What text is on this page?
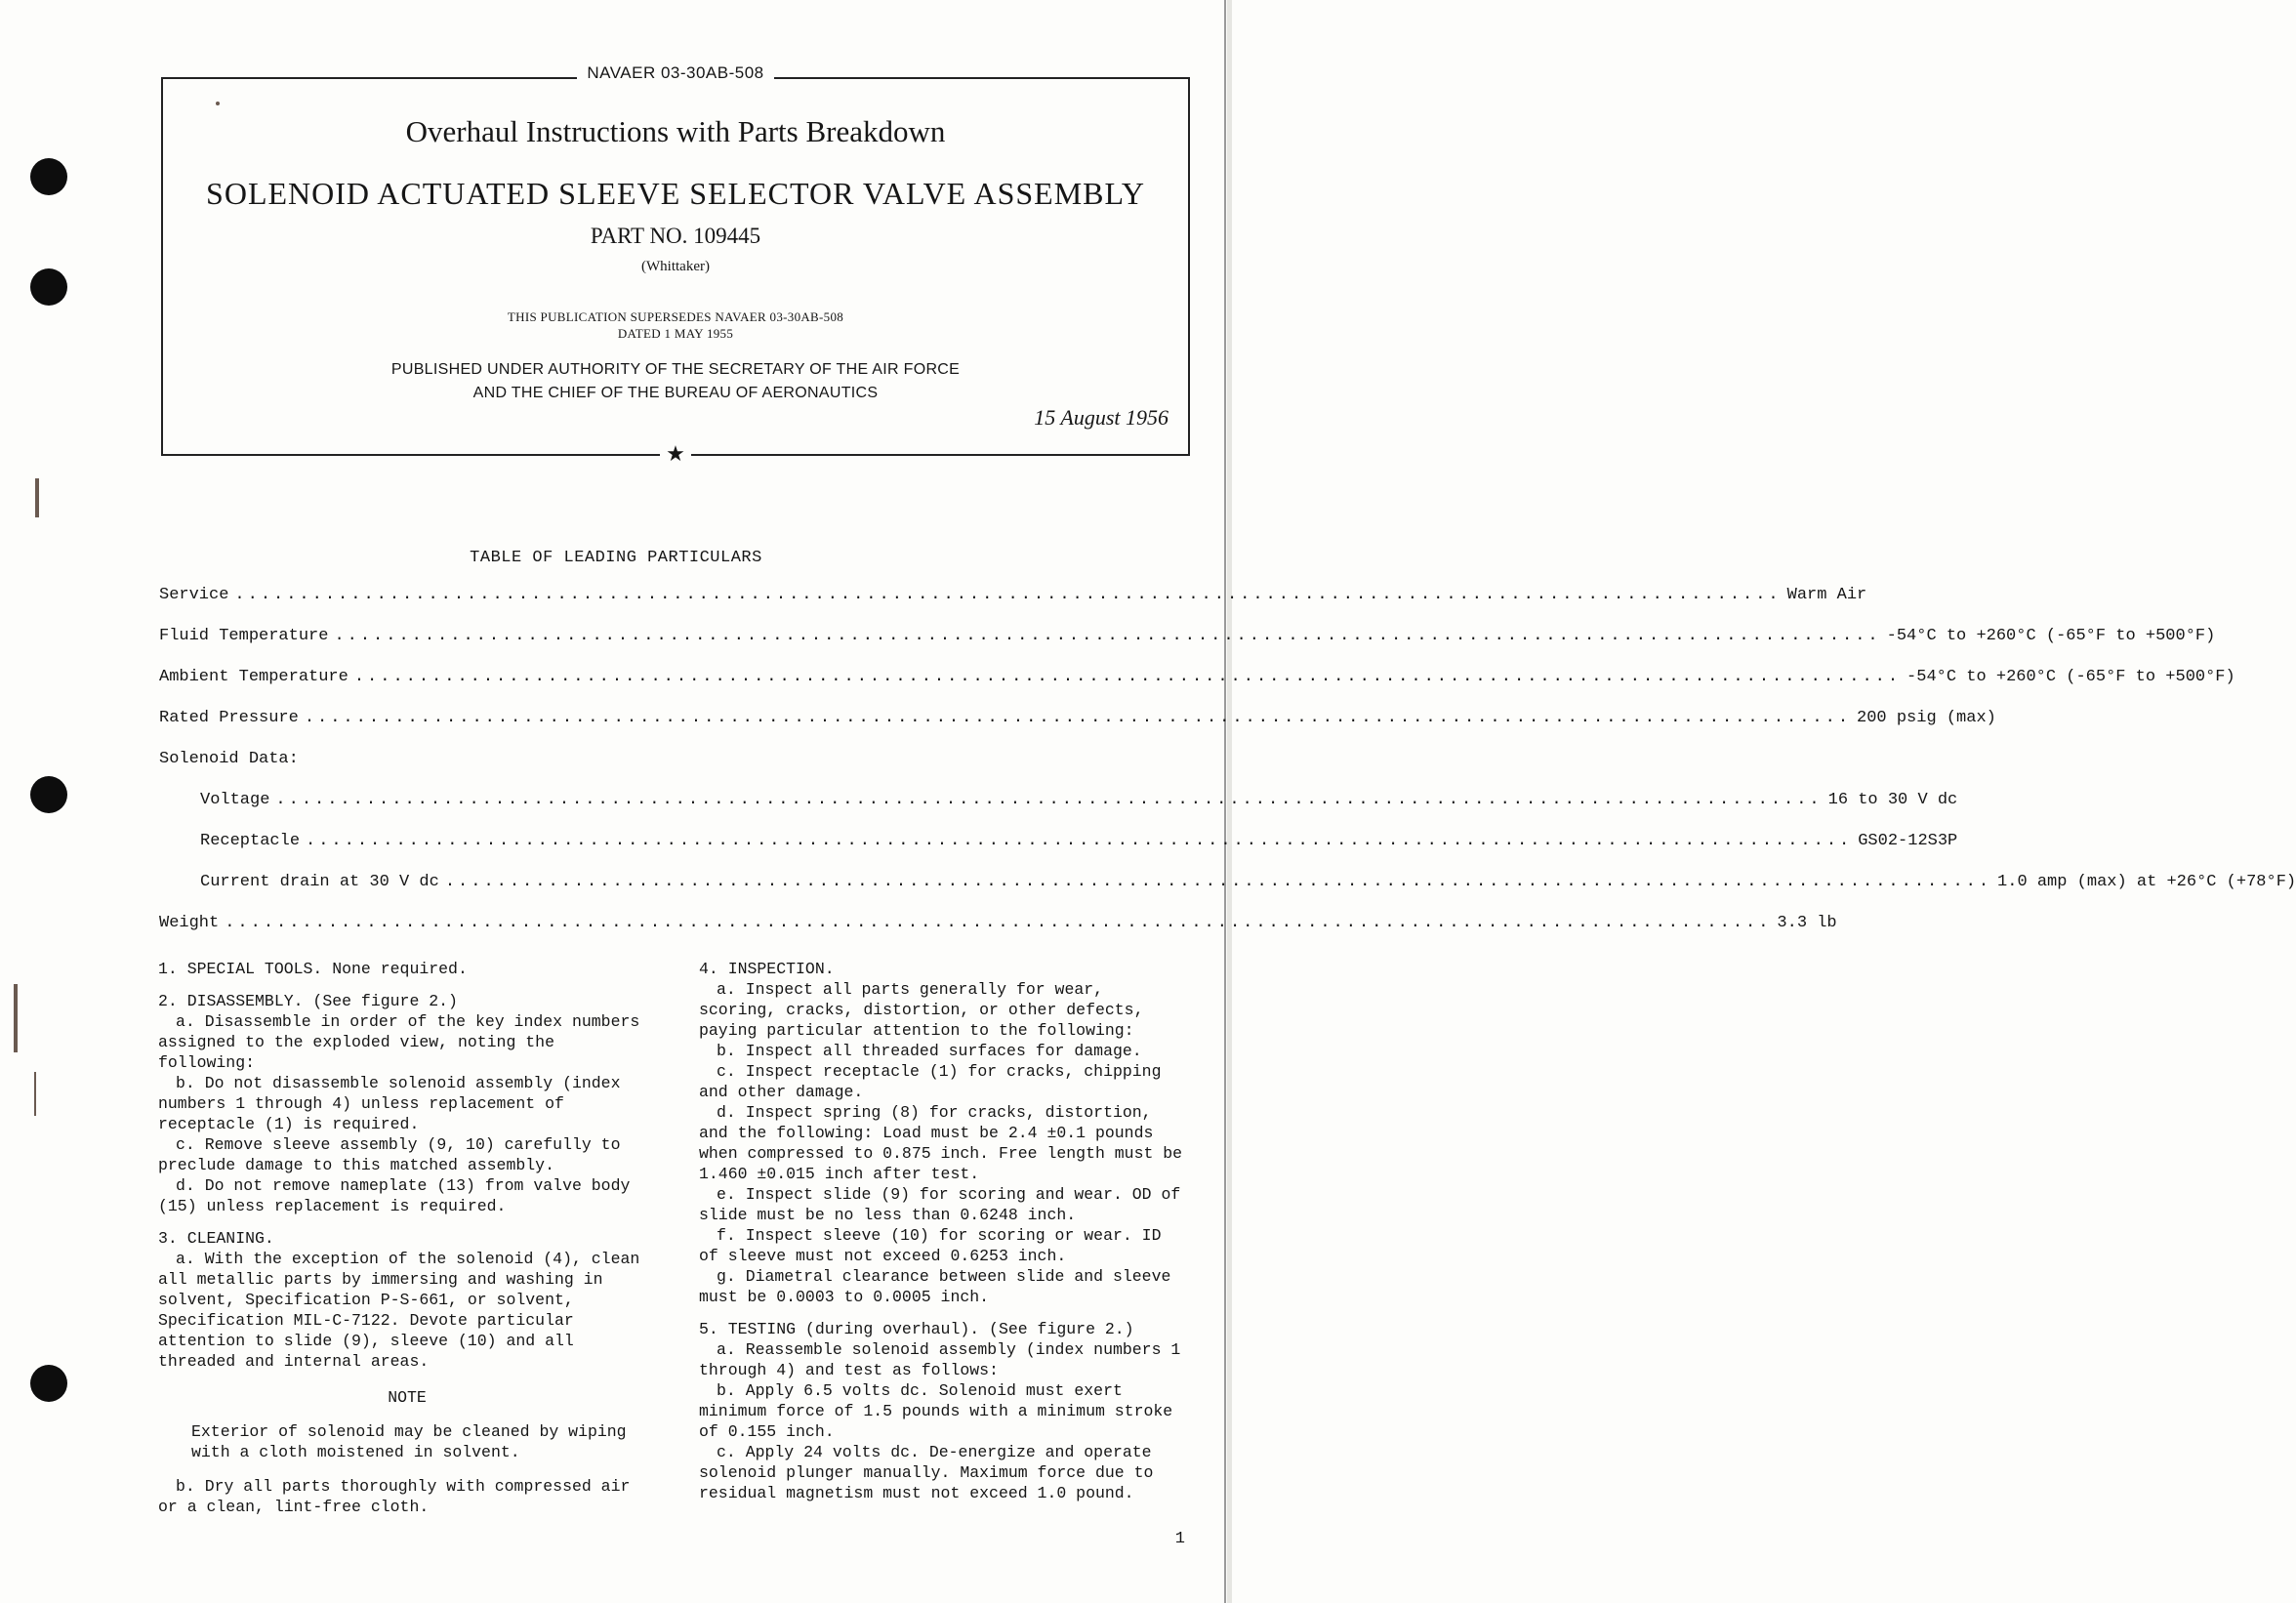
NAVAER 03-30AB-508
Overhaul Instructions with Parts Breakdown
SOLENOID ACTUATED SLEEVE SELECTOR VALVE ASSEMBLY
PART NO. 109445
(Whittaker)
THIS PUBLICATION SUPERSEDES NAVAER 03-30AB-508
DATED 1 MAY 1955
PUBLISHED UNDER AUTHORITY OF THE SECRETARY OF THE AIR FORCE
AND THE CHIEF OF THE BUREAU OF AERONAUTICS
15 August 1956
★
TABLE OF LEADING PARTICULARS
Service ........................................................................................................................ Warm Air
Fluid Temperature ........................................................................................................................ -54°C to +260°C (-65°F to +500°F)
Ambient Temperature ........................................................................................................................ -54°C to +260°C (-65°F to +500°F)
Rated Pressure ........................................................................................................................ 200 psig (max)
Solenoid Data:
Voltage ........................................................................................................................ 16 to 30 V dc
Receptacle ........................................................................................................................ GS02-12S3P
Current drain at 30 V dc ........................................................................................................................ 1.0 amp (max) at +26°C (+78°F)
Weight ........................................................................................................................ 3.3 lb

1. SPECIAL TOOLS. None required.

2. DISASSEMBLY. (See figure 2.)

a. Disassemble in order of the key index numbers assigned to the exploded view, noting the following:

b. Do not disassemble solenoid assembly (index numbers 1 through 4) unless replacement of receptacle (1) is required.

c. Remove sleeve assembly (9, 10) carefully to preclude damage to this matched assembly.

d. Do not remove nameplate (13) from valve body (15) unless replacement is required.

3. CLEANING.

a. With the exception of the solenoid (4), clean all metallic parts by immersing and washing in solvent, Specification P-S-661, or solvent, Specification MIL-C-7122. Devote particular attention to slide (9), sleeve (10) and all threaded and internal areas.

NOTE

Exterior of solenoid may be cleaned by wiping with a cloth moistened in solvent.

b. Dry all parts thoroughly with compressed air or a clean, lint-free cloth.

4. INSPECTION.

a. Inspect all parts generally for wear, scoring, cracks, distortion, or other defects, paying particular attention to the following:

b. Inspect all threaded surfaces for damage.

c. Inspect receptacle (1) for cracks, chipping and other damage.

d. Inspect spring (8) for cracks, distortion, and the following: Load must be 2.4 ±0.1 pounds when compressed to 0.875 inch. Free length must be 1.460 ±0.015 inch after test.

e. Inspect slide (9) for scoring and wear. OD of slide must be no less than 0.6248 inch.

f. Inspect sleeve (10) for scoring or wear. ID of sleeve must not exceed 0.6253 inch.

g. Diametral clearance between slide and sleeve must be 0.0003 to 0.0005 inch.

5. TESTING (during overhaul). (See figure 2.)

a. Reassemble solenoid assembly (index numbers 1 through 4) and test as follows:

b. Apply 6.5 volts dc. Solenoid must exert minimum force of 1.5 pounds with a minimum stroke of 0.155 inch.

c. Apply 24 volts dc. De-energize and operate solenoid plunger manually. Maximum force due to residual magnetism must not exceed 1.0 pound.

1
